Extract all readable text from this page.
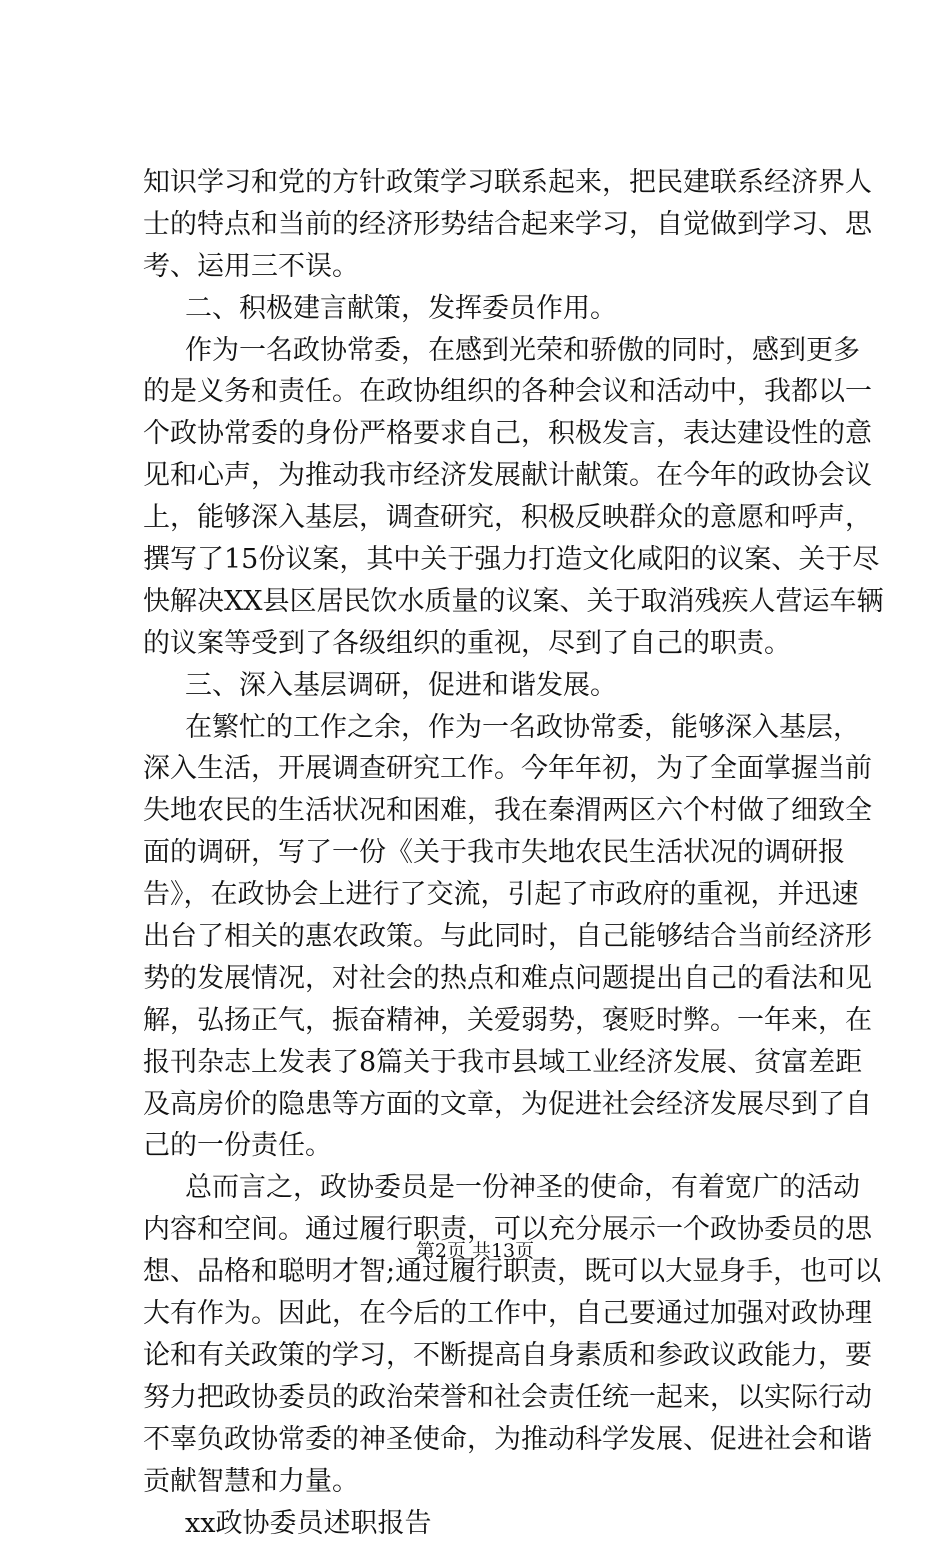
知识学习和党的方针政策学习联系起来，把民建联系经济界人
士的特点和当前的经济形势结合起来学习，自觉做到学习、思
考、运用三不误。
二、积极建言献策，发挥委员作用。
作为一名政协常委，在感到光荣和骄傲的同时，感到更多
的是义务和责任。在政协组织的各种会议和活动中，我都以一
个政协常委的身份严格要求自己，积极发言，表达建设性的意
见和心声，为推动我市经济发展献计献策。在今年的政协会议
上，能够深入基层，调查研究，积极反映群众的意愿和呼声，
撰写了15份议案，其中关于强力打造文化咸阳的议案、关于尽
快解决XX县区居民饮水质量的议案、关于取消残疾人营运车辆
的议案等受到了各级组织的重视，尽到了自己的职责。
三、深入基层调研，促进和谐发展。
在繁忙的工作之余，作为一名政协常委，能够深入基层，
深入生活，开展调查研究工作。今年年初，为了全面掌握当前
失地农民的生活状况和困难，我在秦渭两区六个村做了细致全
面的调研，写了一份《关于我市失地农民生活状况的调研报
告》，在政协会上进行了交流，引起了市政府的重视，并迅速
出台了相关的惠农政策。与此同时，自己能够结合当前经济形
势的发展情况，对社会的热点和难点问题提出自己的看法和见
解，弘扬正气，振奋精神，关爱弱势，褒贬时弊。一年来，在
报刊杂志上发表了8篇关于我市县域工业经济发展、贫富差距
及高房价的隐患等方面的文章，为促进社会经济发展尽到了自
己的一份责任。
总而言之，政协委员是一份神圣的使命，有着宽广的活动
内容和空间。通过履行职责，可以充分展示一个政协委员的思
想、品格和聪明才智;通过履行职责，既可以大显身手，也可以
大有作为。因此，在今后的工作中，自己要通过加强对政协理
论和有关政策的学习，不断提高自身素质和参政议政能力，要
努力把政协委员的政治荣誉和社会责任统一起来，以实际行动
不辜负政协常委的神圣使命，为推动科学发展、促进社会和谐
贡献智慧和力量。
xx政协委员述职报告
第2页 共13页
